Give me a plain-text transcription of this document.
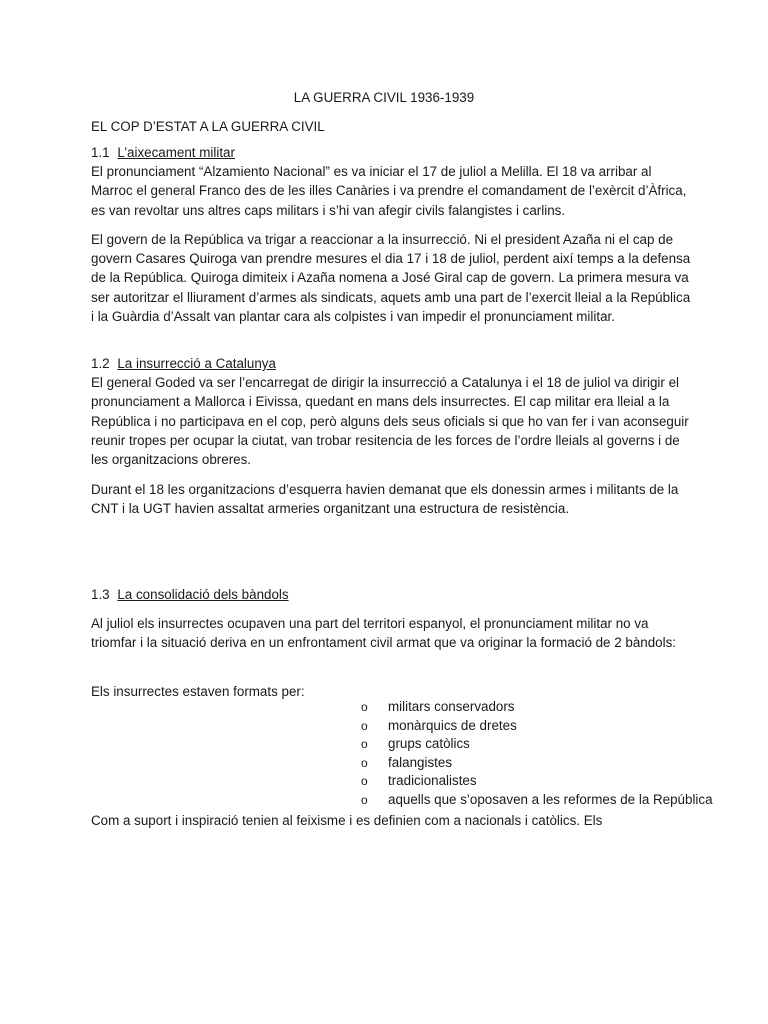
LA GUERRA CIVIL 1936-1939

EL COP D’ESTAT A LA GUERRA CIVIL

1.1 L’aixecament militar

El pronunciament “Alzamiento Nacional” es va iniciar el 17 de juliol a Melilla. El 18 va arribar al Marroc el general Franco des de les illes Canàries i va prendre el comandament de l’exèrcit d’Àfrica, es van revoltar uns altres caps militars i s’hi van afegir civils falangistes i carlins.

El govern de la República va trigar a reaccionar a la insurrecció. Ni el president Azaña ni el cap de govern Casares Quiroga van prendre mesures el dia 17 i 18 de juliol, perdent així temps a la defensa de la República. Quiroga dimiteix i Azaña nomena a José Giral cap de govern. La primera mesura va ser autoritzar el lliurament d’armes als sindicats, aquets amb una part de l’exercit lleial a la República i la Guàrdia d’Assalt van plantar cara als colpistes i van impedir el pronunciament militar.

1.2 La insurrecció a Catalunya

El general Goded va ser l’encarregat de dirigir la insurrecció a Catalunya i el 18 de juliol va dirigir el pronunciament a Mallorca i Eivissa, quedant en mans dels insurrectes. El cap militar era lleial a la República i no participava en el cop, però alguns dels seus oficials si que ho van fer i van aconseguir reunir tropes per ocupar la ciutat, van trobar resitencia de les forces de l’ordre lleials al governs i de les organitzacions obreres.

Durant el 18 les organitzacions d’esquerra havien demanat que els donessin armes i militants de la CNT i la UGT havien assaltat armeries organitzant una estructura de resistència.

1.3 La consolidació dels bàndols

Al juliol els insurrectes ocupaven una part del territori espanyol, el pronunciament militar no va triomfar i la situació deriva en un enfrontament civil armat que va originar la formació de 2 bàndols:

Els insurrectes estaven formats per:

o militars conservadors
o monàrquics de dretes
o grups catòlics
o falangistes
o tradicionalistes
o aquells que s’oposaven a les reformes de la República

Com a suport i inspiració tenien al feixisme i es definien com a nacionals i catòlics. Els
